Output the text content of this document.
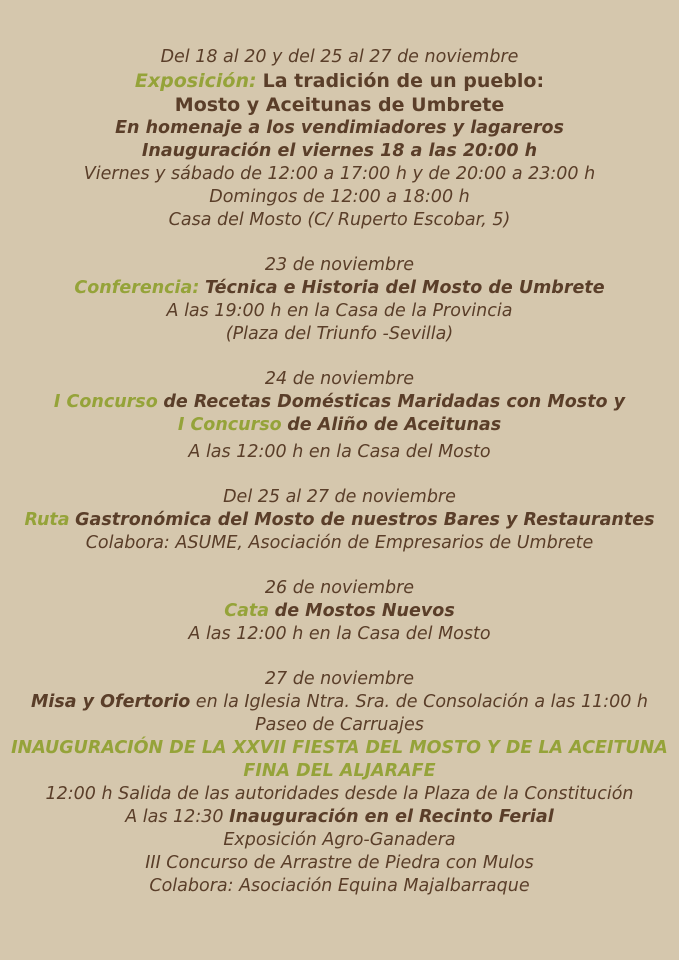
Del 18 al 20 y del 25 al 27 de noviembre
Exposición: La tradición de un pueblo:
Mosto y Aceitunas de Umbrete
En homenaje a los vendimiadores y lagareros
Inauguración el viernes 18 a las 20:00 h
Viernes y sábado de 12:00 a 17:00 h y de 20:00 a 23:00 h
Domingos de 12:00 a 18:00 h
Casa del Mosto (C/ Ruperto Escobar, 5)
23 de noviembre
Conferencia: Técnica e Historia del Mosto de Umbrete
A las 19:00 h en la Casa de la Provincia
(Plaza del Triunfo -Sevilla)
24 de noviembre
I Concurso de Recetas Domésticas Maridadas con Mosto y
I Concurso de Aliño de Aceitunas
A las 12:00 h en la Casa del Mosto
Del 25 al 27 de noviembre
Ruta Gastronómica del Mosto de nuestros Bares y Restaurantes
Colabora: ASUME, Asociación de Empresarios de Umbrete
26 de noviembre
Cata de Mostos Nuevos
A las 12:00 h en la Casa del Mosto
27 de noviembre
Misa y Ofertorio en la Iglesia Ntra. Sra. de Consolación a las 11:00 h
Paseo de Carruajes
INAUGURACIÓN DE LA XXVII FIESTA DEL MOSTO Y DE LA ACEITUNA
FINA DEL ALJARAFE
12:00 h Salida de las autoridades desde la Plaza de la Constitución
A las 12:30 Inauguración en el Recinto Ferial
Exposición Agro-Ganadera
III Concurso de Arrastre de Piedra con Mulos
Colabora: Asociación Equina Majalbarraque
